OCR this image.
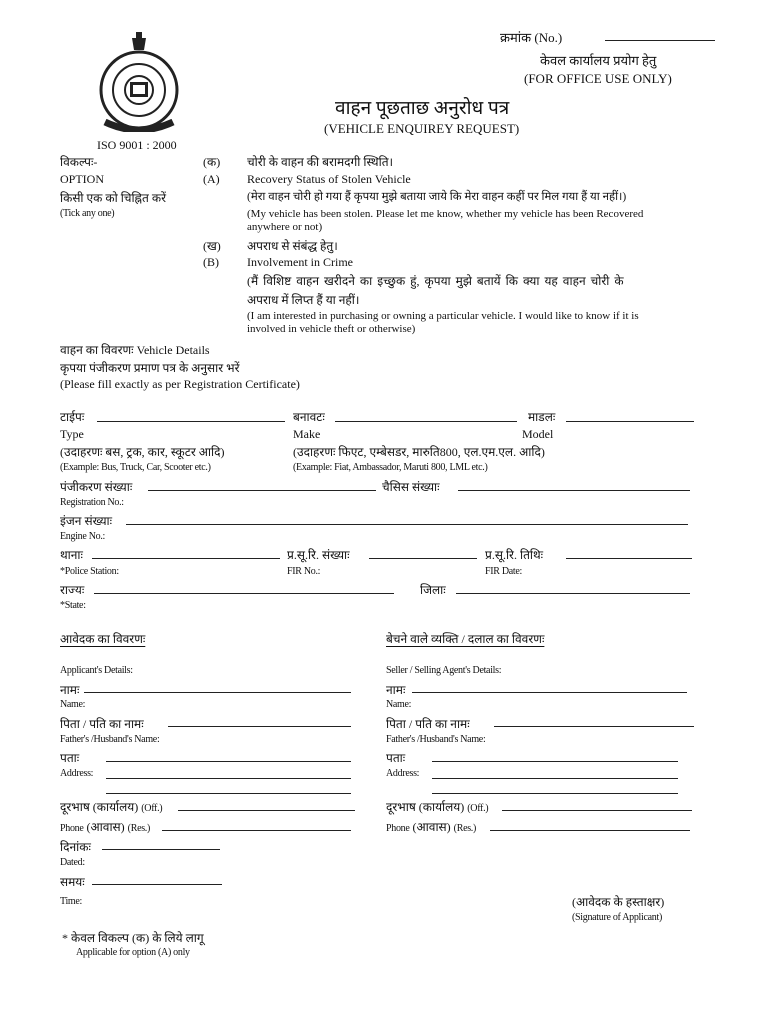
क्रमांक (No.)
केवल कार्यालय प्रयोग हेतु
(FOR OFFICE USE ONLY)
वाहन पूछताछ अनुरोध पत्र
(VEHICLE ENQUIREY REQUEST)
ISO 9001 : 2000
विकल्पः-
OPTION
किसी एक को चिह्नित करें
(Tick any one)
(क)
(A)
चोरी के वाहन की बरामदगी स्थिति।
Recovery Status of Stolen Vehicle
(मेरा वाहन चोरी हो गया हैं कृपया मुझे बताया जाये कि मेरा वाहन कहीं पर मिल गया हैं या नहीं।)
(My vehicle has been stolen. Please let me know, whether my vehicle has been Recovered
anywhere or not)
(ख)
(B)
अपराध से संबंद्ध हेतु।
Involvement in Crime
(मैं विशिष्ट वाहन खरीदने का इच्छुक हुं, कृपया मुझे बतायें कि क्या यह वाहन चोरी के
अपराध में लिप्त हैं या नहीं।
(I am interested in purchasing or owning a particular vehicle. I would like to know if it is
involved in vehicle theft or otherwise)
वाहन का विवरणः Vehicle Details
कृपया पंजीकरण प्रमाण पत्र के अनुसार भरें
(Please fill exactly as per Registration Certificate)
टाईपः	बनावटः	माडलः
Type	Make	Model
(उदाहरणः बस, ट्रक, कार, स्कूटर आदि)	(उदाहरणः फिएट, एम्बेसडर, मारुति800, एल.एम.एल. आदि)
(Example: Bus, Truck, Car, Scooter etc.)	(Example: Fiat, Ambassador, Maruti 800, LML etc.)
पंजीकरण संख्याः	चैसिस संख्याः
Registration No.:
इंजन संख्याः
Engine No.:
थानाः	प्र.सू.रि. संख्याः	प्र.सू.रि. तिथिः
*Police Station:	FIR No.:	FIR Date:
राज्यः	जिलाः
*State:
आवेदक का विवरणः
Applicant's Details:
नामः
Name:
पिता / पति का नामः
Father's /Husband's Name:
पताः
Address:
दूरभाष (कार्यालय) (Off.)
Phone (आवास) (Res.)
दिनांकः
Dated:
समयः
Time:
बेचने वाले व्यक्ति / दलाल का विवरणः
Seller / Selling Agent's Details:
नामः
Name:
पिता / पति का नामः
Father's /Husband's Name:
पताः
Address:
दूरभाष (कार्यालय) (Off.)
Phone (आवास) (Res.)
(आवेदक के हस्ताक्षर)
(Signature of Applicant)
* केवल विकल्प (क) के लिये लागू
Applicable for option (A) only
